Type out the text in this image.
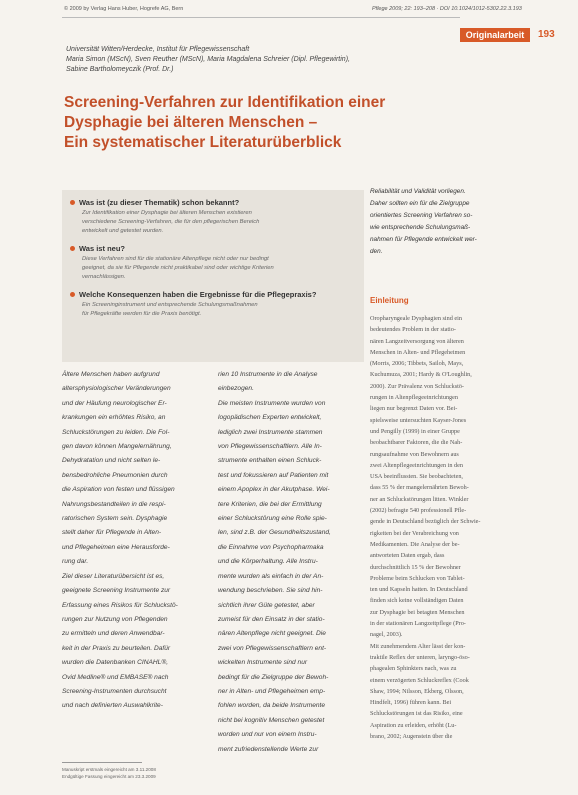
© 2009 by Verlag Hans Huber, Hogrefe AG, Bern	Pflege 2009; 22: 193–208 · DOI 10.1024/1012-5302.22.3.193
Originalarbeit	193
Universität Witten/Herdecke, Institut für Pflegewissenschaft
Maria Simon (MScN), Sven Reuther (MScN), Maria Magdalena Schreier (Dipl. Pflegewirtin),
Sabine Bartholomeyczik (Prof. Dr.)
Screening-Verfahren zur Identifikation einer
Dysphagie bei älteren Menschen –
Ein systematischer Literaturüberblick
Was ist (zu dieser Thematik) schon bekannt?
Zur Identifikation einer Dysphagie bei älteren Menschen existieren
verschiedene Screening-Verfahren, die für den pflegerischen Bereich
entwickelt und getestet wurden.
Was ist neu?
Diese Verfahren sind für die stationäre Altenpflege nicht oder nur bedingt
geeignet, da sie für Pflegende nicht praktikabel sind oder wichtige Kriterien
vernachlässigen.
Welche Konsequenzen haben die Ergebnisse für die Pflegepraxis?
Ein Screeninginstrument und entsprechende Schulungsmaßnahmen
für Pflegekräfte werden für die Praxis benötigt.
Ältere Menschen haben aufgrund
altersphysiologischer Veränderungen
und der Häufung neurologischer Er-
krankungen ein erhöhtes Risiko, an
Schluckstörungen zu leiden. Die Fol-
gen davon können Mangelernährung,
Dehydratation und nicht selten le-
bensbedrohliche Pneumonien durch
die Aspiration von festen und flüssigen
Nahrungsbestandteilen in die respi-
ratorischen System sein. Dysphagie
stellt daher für Pflegende in Alten-
und Pflegeheimen eine Herausforde-
rung dar.
Ziel dieser Literaturübersicht ist es,
geeignete Screening Instrumente zur
Erfassung eines Risikos für Schluckstö-
rungen zur Nutzung von Pflegenden
zu ermitteln und deren Anwendbar-
keit in der Praxis zu beurteilen. Dafür
wurden die Datenbanken CINAHL®,
Ovid Medline® und EMBASE® nach
Screening-Instrumenten durchsucht
und nach definierten Auswahlkrite-
rien 10 Instrumente in die Analyse
einbezogen.
Die meisten Instrumente wurden von
logopädischen Experten entwickelt,
lediglich zwei Instrumente stammen
von Pflegewissenschaftlern. Alle In-
strumente enthalten einen Schluck-
test und fokussieren auf Patienten mit
einem Apoplex in der Akutphase. Wei-
tere Kriterien, die bei der Ermittlung
einer Schluckstörung eine Rolle spie-
len, sind z.B. der Gesundheitszustand,
die Einnahme von Psychopharmaka
und die Körperhaltung. Alle Instru-
mente wurden als einfach in der An-
wendung beschrieben. Sie sind hin-
sichtlich ihrer Güte getestet, aber
zumeist für den Einsatz in der statio-
nären Altenpflege nicht geeignet. Die
zwei von Pflegewissenschaftlern ent-
wickelten Instrumente sind nur
bedingt für die Zielgruppe der Bewoh-
ner in Alten- und Pflegeheimen emp-
fohlen worden, da beide Instrumente
nicht bei kognitiv Menschen getestet
worden und nur von einem Instru-
ment zufriedenstellende Werte zur
Reliabilität und Validität vorliegen.
Daher sollten ein für die Zielgruppe
orientiertes Screening Verfahren so-
wie entsprechende Schulungsmaß-
nahmen für Pflegende entwickelt wer-
den.
Einleitung
Oropharyngeale Dysphagien sind ein
bedeutendes Problem in der statio-
nären Langzeitversorgung von älteren
Menschen in Alten- und Pflegeheimen
(Morris, 2006; Tibbets, Sailoh, Mays,
Kuchumuza, 2001; Hardy & O'Loughlin,
2000). Zur Prävalenz von Schluckstö-
rungen in Altenpflegeeinrichtungen
liegen nur begrenzt Daten vor. Bei-
spielsweise untersuchten Kayser-Jones
und Pengilly (1999) in einer Gruppe
beobachtbarer Faktoren, die die Nah-
rungsaufnahme von Bewohnern aus
zwei Altenpflegeeinrichtungen in den
USA beeinflussten. Sie beobachteten,
dass 55 % der mangelernährten Bewoh-
ner an Schluckstörungen litten. Winkler
(2002) befragte 540 professionell Pfle-
gende in Deutschland bezüglich der Schwie-
rigkeiten bei der Verabreichung von
Medikamenten. Die Analyse der be-
antworteten Daten ergab, dass
durchschnittlich 15 % der Bewohner
Probleme beim Schlucken von Tablet-
ten und Kapseln hatten. In Deutschland
finden sich keine vollständigen Daten
zur Dysphagie bei betagten Menschen
in der stationären Langzeitpflege (Pro-
nagel, 2003).
Mit zunehmendem Alter lässt der kon-
traktile Reflex der unteren, laryngo-öso-
phagealen Sphinkters nach, was zu
einem verzögerten Schluckreflex (Cook
Shaw, 1994; Nilsson, Ekberg, Olsson,
Hindfelt, 1996) führen kann. Bei
Schluckstörungen ist das Risiko, eine
Aspiration zu erleiden, erhöht (Lu-
brano, 2002; Augenstein über die
Manuskript erstmals eingereicht am 3.11.2008
Endgültige Fassung eingereicht am 23.3.2009
